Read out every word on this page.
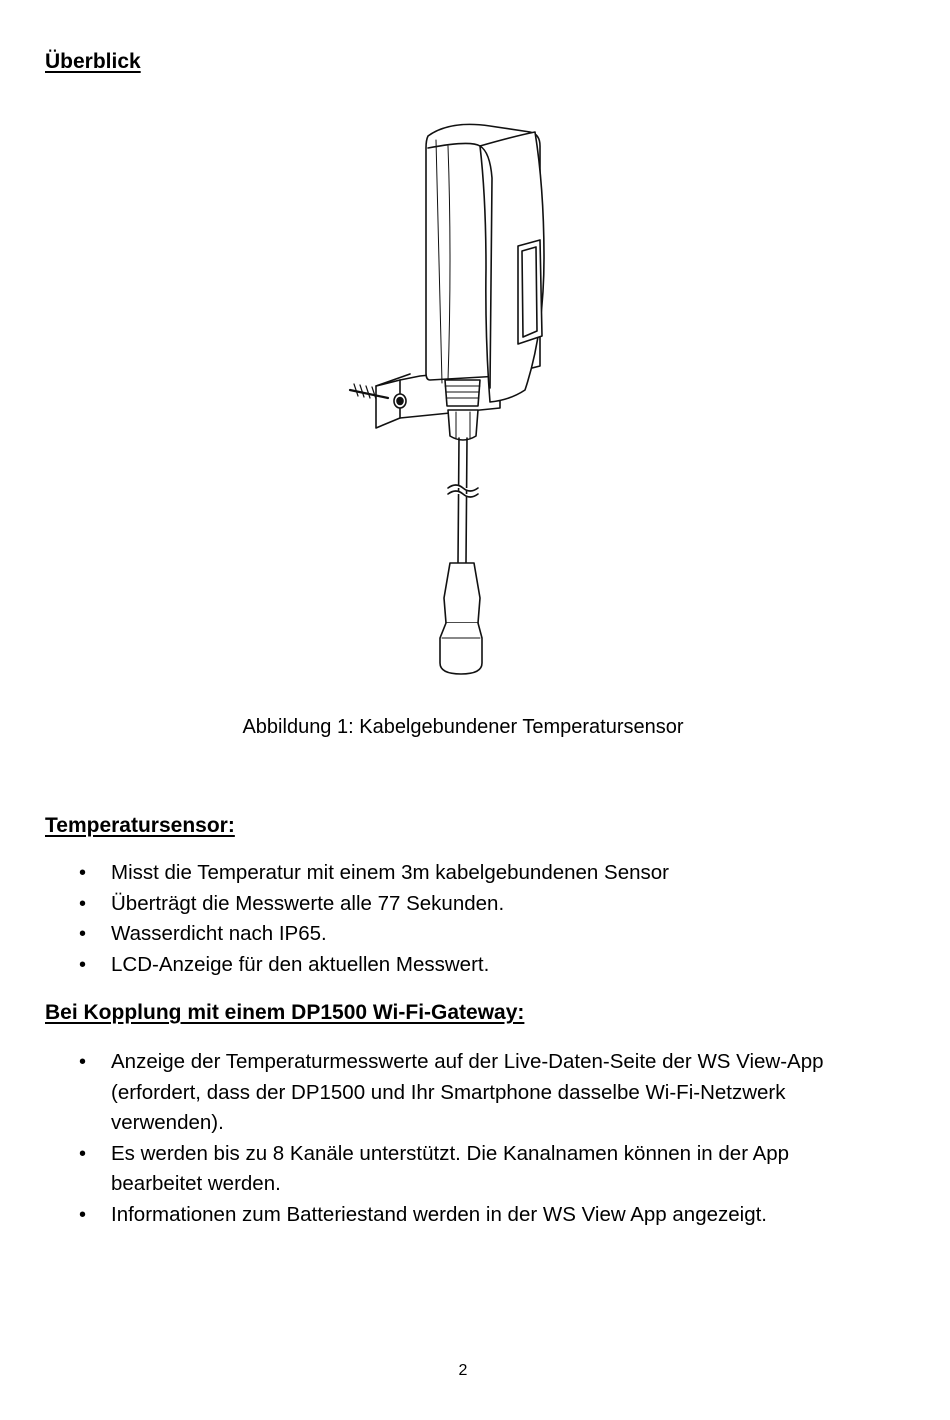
Überblick
Abbildung 1: Kabelgebundener Temperatursensor
Temperatursensor:
• Misst die Temperatur mit einem 3m kabelgebundenen Sensor
• Überträgt die Messwerte alle 77 Sekunden.
• Wasserdicht nach IP65.
• LCD-Anzeige für den aktuellen Messwert.
Bei Kopplung mit einem DP1500 Wi-Fi-Gateway:
• Anzeige der Temperaturmesswerte auf der Live-Daten-Seite der WS View-App (erfordert, dass der DP1500 und Ihr Smartphone dasselbe Wi-Fi-Netzwerk verwenden).
• Es werden bis zu 8 Kanäle unterstützt. Die Kanalnamen können in der App bearbeitet werden.
• Informationen zum Batteriestand werden in der WS View App angezeigt.
2
